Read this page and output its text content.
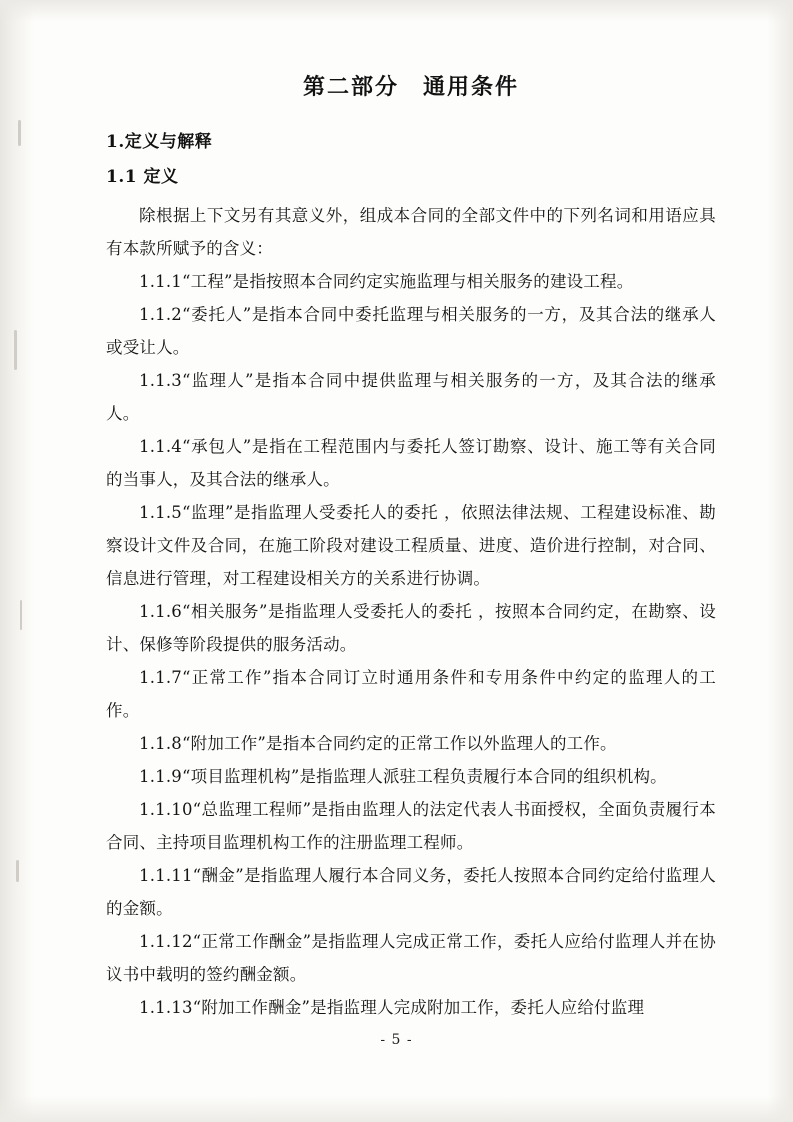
第二部分　通用条件
1.定义与解释
1.1 定义

除根据上下文另有其意义外，组成本合同的全部文件中的下列名词和用语应具有本款所赋予的含义：

1.1.1“工程”是指按照本合同约定实施监理与相关服务的建设工程。

1.1.2“委托人”是指本合同中委托监理与相关服务的一方，及其合法的继承人或受让人。

1.1.3“监理人”是指本合同中提供监理与相关服务的一方，及其合法的继承人。

1.1.4“承包人”是指在工程范围内与委托人签订勘察、设计、施工等有关合同的当事人，及其合法的继承人。

1.1.5“监理”是指监理人受委托人的委托 ，依照法律法规、工程建设标准、勘察设计文件及合同，在施工阶段对建设工程质量、进度、造价进行控制，对合同、信息进行管理，对工程建设相关方的关系进行协调。

1.1.6“相关服务”是指监理人受委托人的委托 ，按照本合同约定，在勘察、设计、保修等阶段提供的服务活动。

1.1.7“正常工作”指本合同订立时通用条件和专用条件中约定的监理人的工作。

1.1.8“附加工作”是指本合同约定的正常工作以外监理人的工作。

1.1.9“项目监理机构”是指监理人派驻工程负责履行本合同的组织机构。

1.1.10“总监理工程师”是指由监理人的法定代表人书面授权，全面负责履行本合同、主持项目监理机构工作的注册监理工程师。

1.1.11“酬金”是指监理人履行本合同义务，委托人按照本合同约定给付监理人的金额。

1.1.12“正常工作酬金”是指监理人完成正常工作，委托人应给付监理人并在协议书中载明的签约酬金额。

1.1.13“附加工作酬金”是指监理人完成附加工作，委托人应给付监理

- 5 -
